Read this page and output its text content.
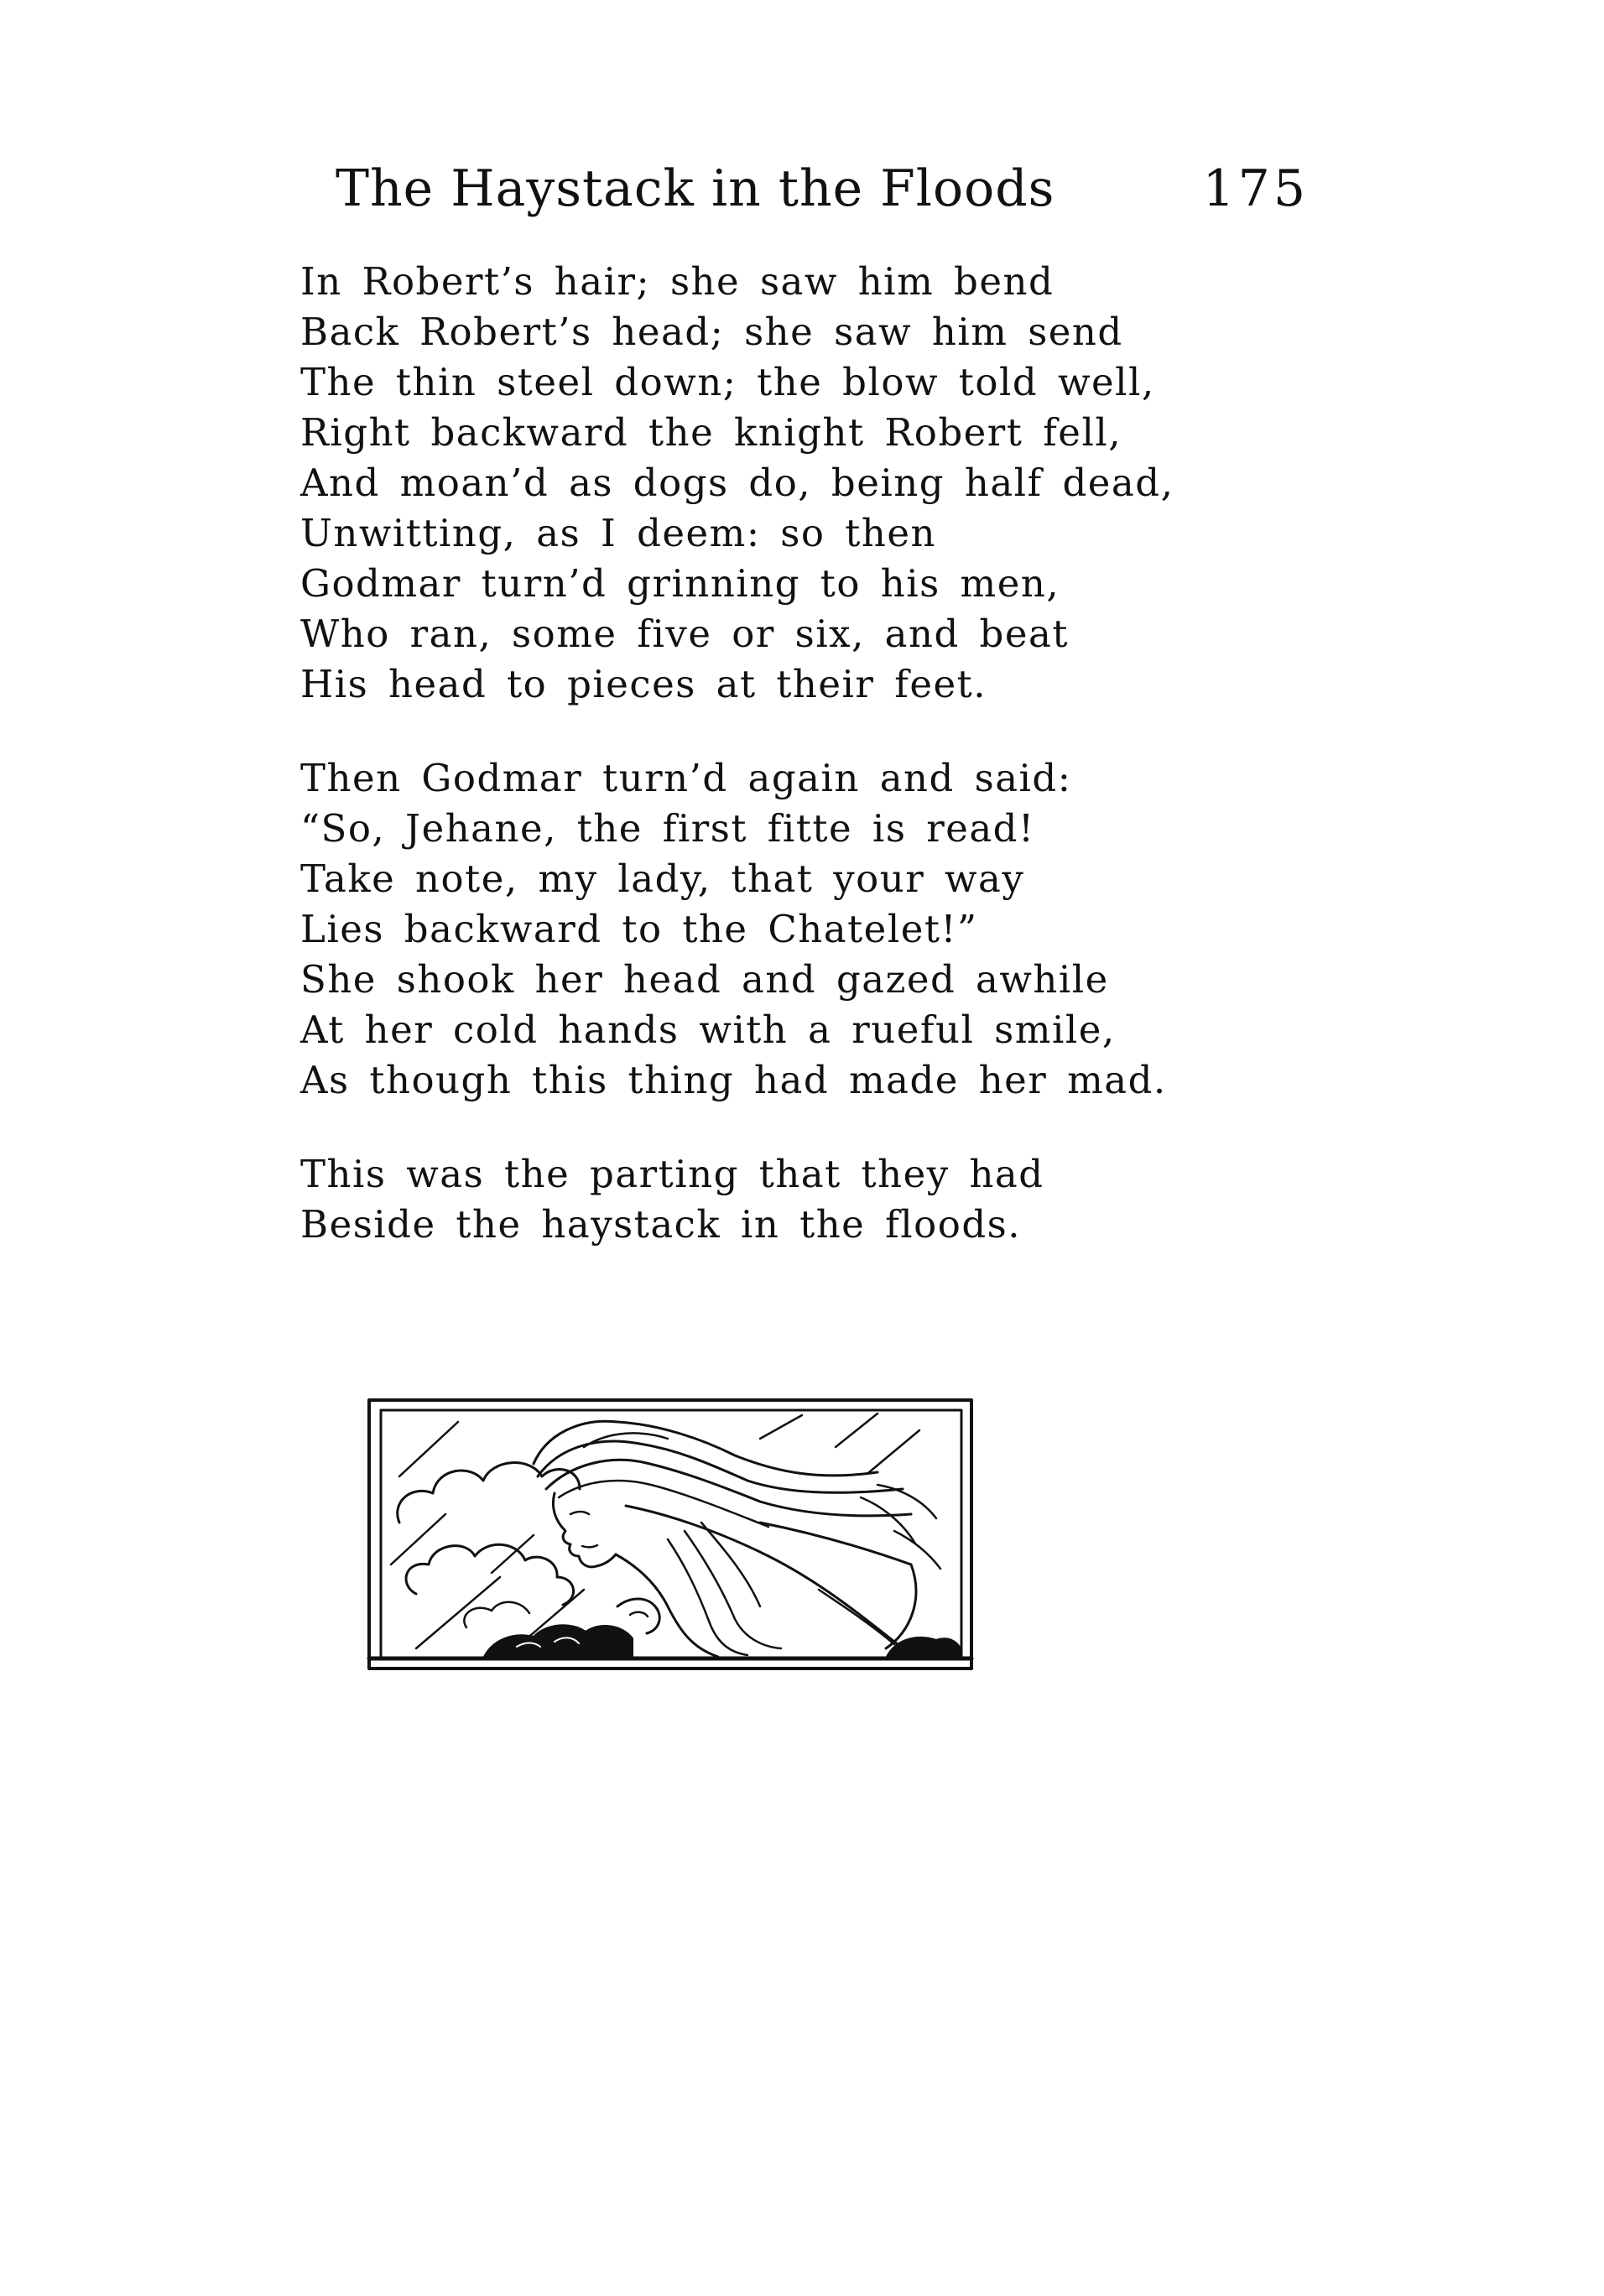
The Haystack in the Floods	175
In Robert’s hair; she saw him bend
Back Robert’s head; she saw him send
The thin steel down; the blow told well,
Right backward the knight Robert fell,
And moan’d as dogs do, being half dead,
Unwitting, as I deem: so then
Godmar turn’d grinning to his men,
Who ran, some five or six, and beat
His head to pieces at their feet.
Then Godmar turn’d again and said:
“So, Jehane, the first fitte is read!
Take note, my lady, that your way
Lies backward to the Chatelet!”
She shook her head and gazed awhile
At her cold hands with a rueful smile,
As though this thing had made her mad.
This was the parting that they had
Beside the haystack in the floods.
